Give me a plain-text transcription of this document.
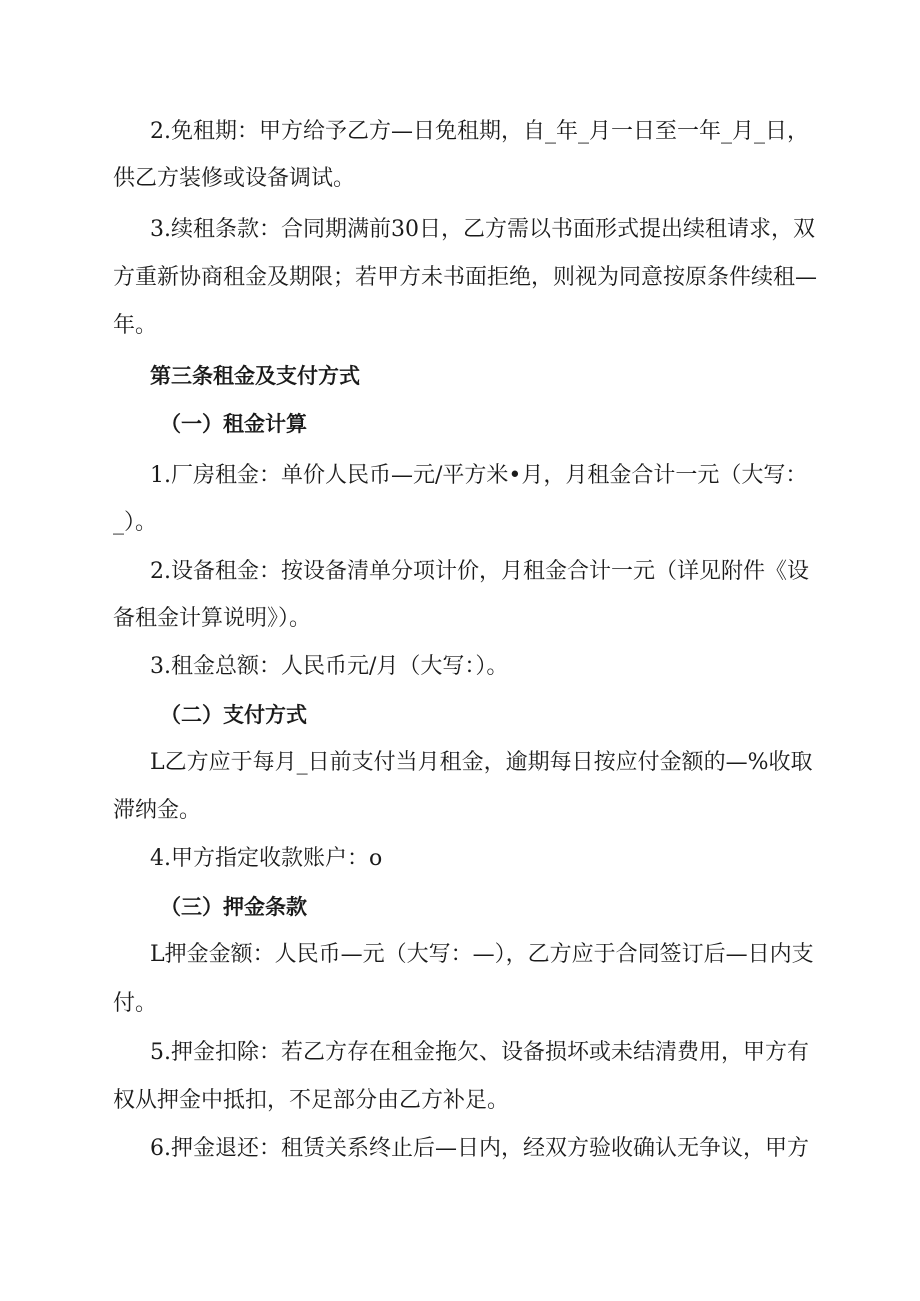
2.免租期：甲方给予乙方—日免租期，自_年_月一日至一年_月_日，
供乙方装修或设备调试。
3.续租条款：合同期满前30日，乙方需以书面形式提出续租请求，双
方重新协商租金及期限；若甲方未书面拒绝，则视为同意按原条件续租—
年。
第三条租金及支付方式
（一）租金计算
1.厂房租金：单价人民币—元/平方米•月，月租金合计一元（大写：
_）。
2.设备租金：按设备清单分项计价，月租金合计一元（详见附件《设
备租金计算说明》）。
3.租金总额：人民币元/月（大写：）。
（二）支付方式
L乙方应于每月_日前支付当月租金，逾期每日按应付金额的—%收取
滞纳金。
4.甲方指定收款账户：o
（三）押金条款
L押金金额：人民币—元（大写：—），乙方应于合同签订后—日内支
付。
5.押金扣除：若乙方存在租金拖欠、设备损坏或未结清费用，甲方有
权从押金中抵扣，不足部分由乙方补足。
6.押金退还：租赁关系终止后—日内，经双方验收确认无争议，甲方
